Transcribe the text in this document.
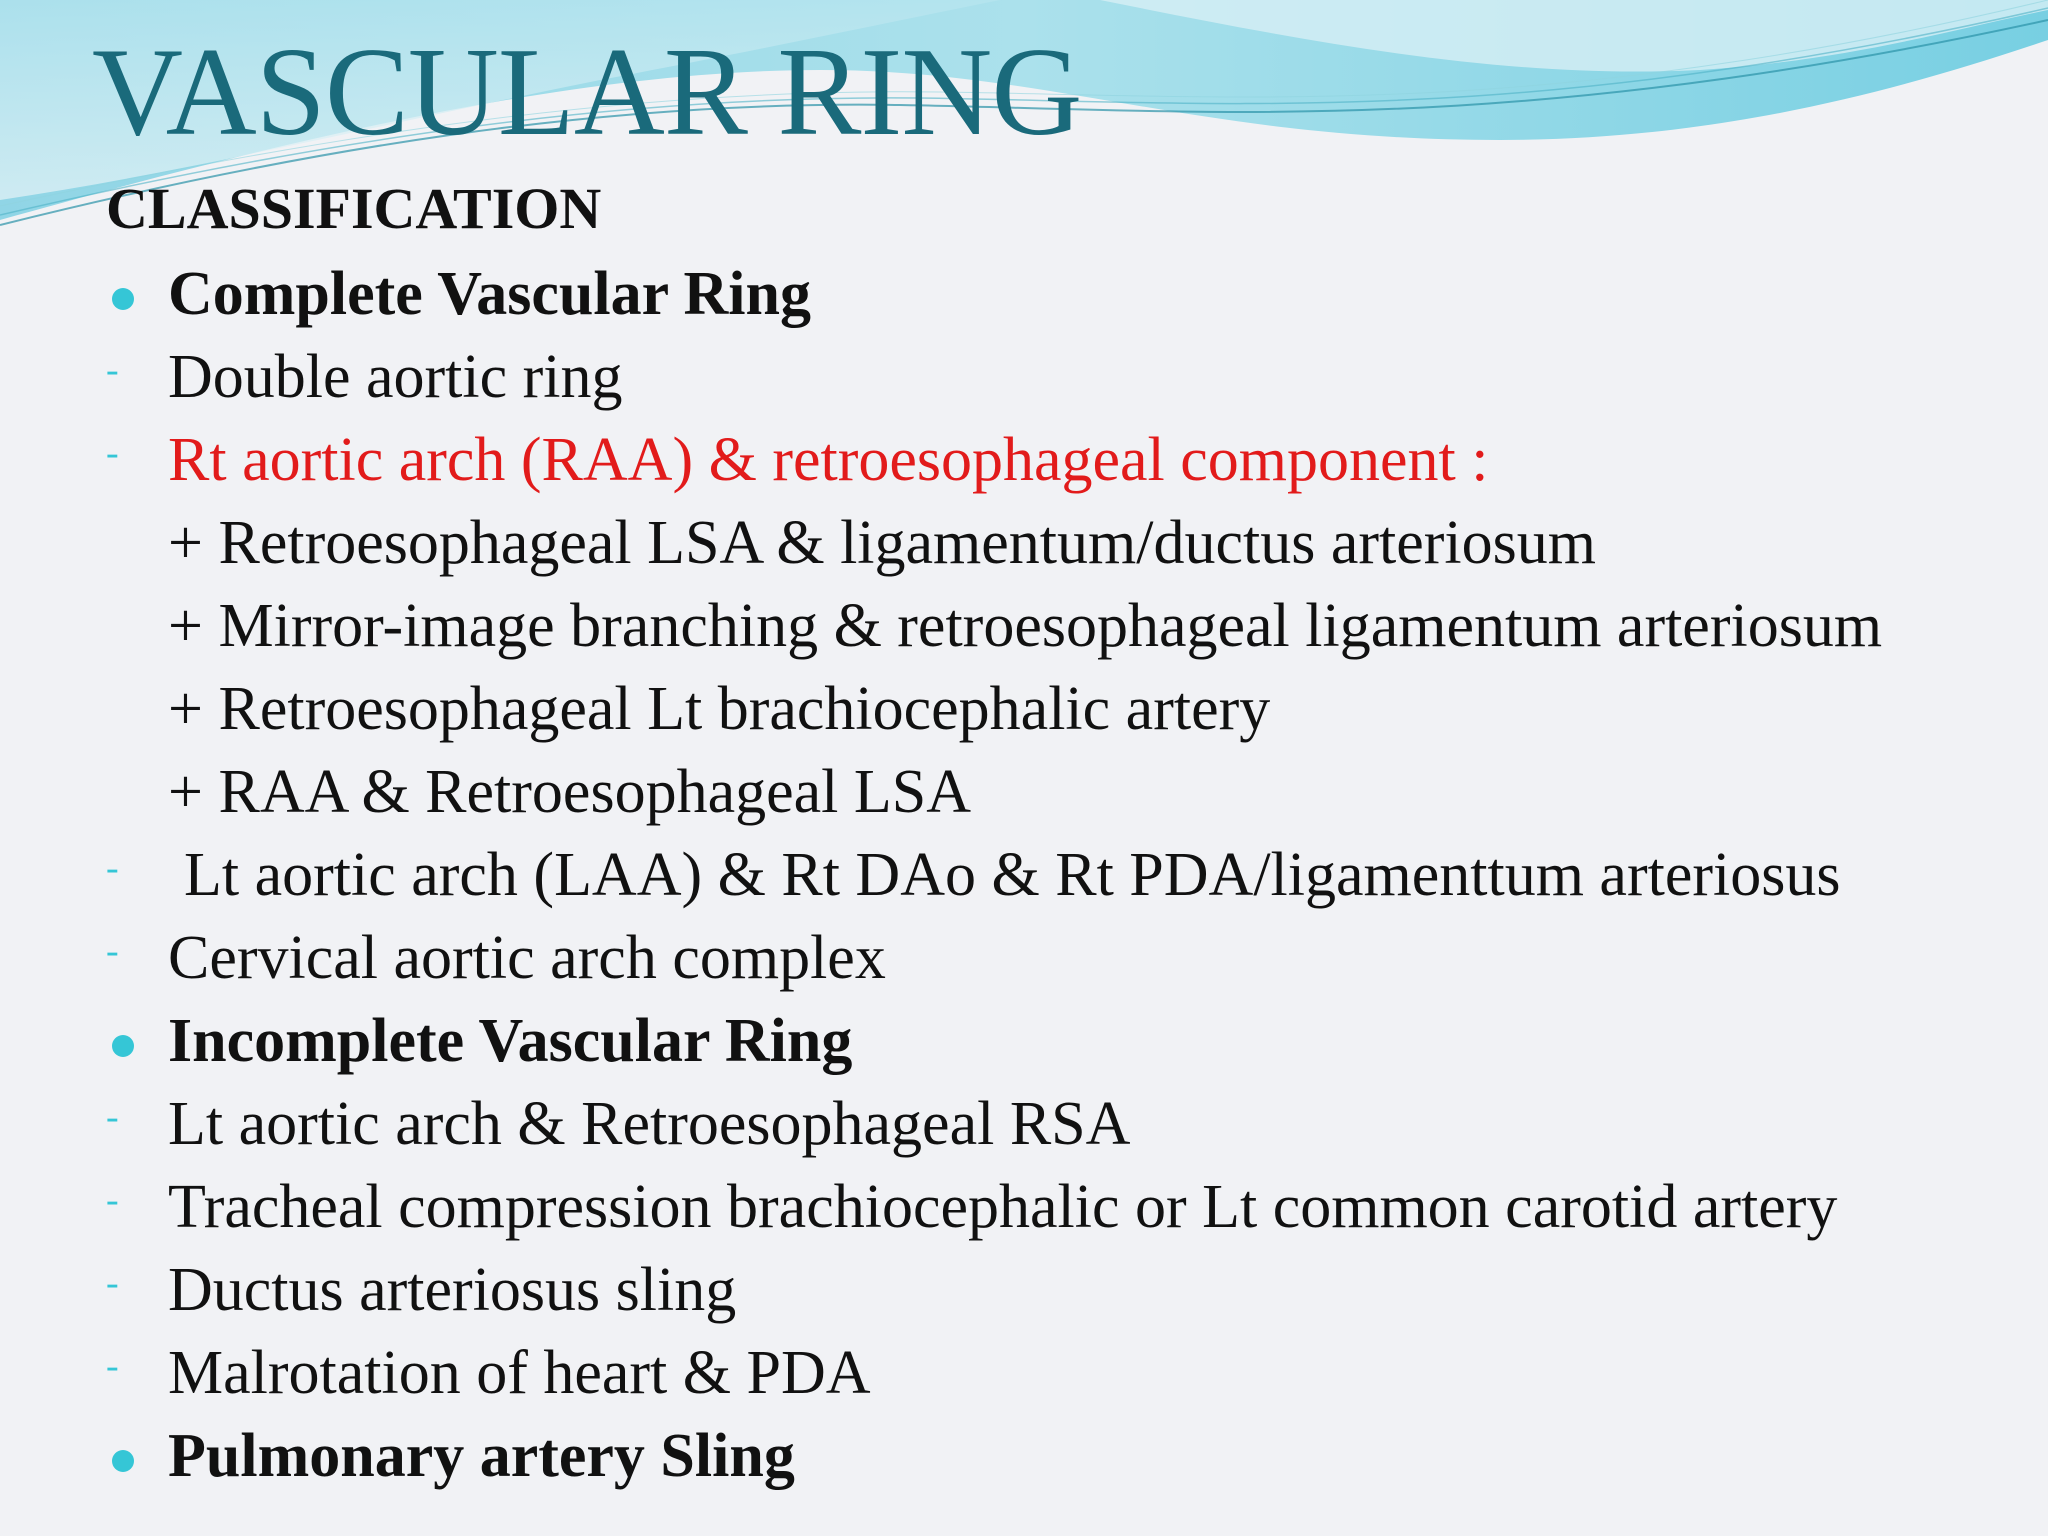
VASCULAR RING
CLASSIFICATION
Complete Vascular Ring
- Double aortic ring
- Rt aortic arch (RAA) & retroesophageal component :
+ Retroesophageal LSA & ligamentum/ductus arteriosum
+ Mirror-image branching & retroesophageal ligamentum arteriosum
+ Retroesophageal Lt brachiocephalic artery
+ RAA & Retroesophageal LSA
- Lt aortic arch (LAA) & Rt DAo & Rt PDA/ligamenttum arteriosus
- Cervical aortic arch complex
Incomplete Vascular Ring
- Lt aortic arch & Retroesophageal RSA
- Tracheal compression brachiocephalic or Lt common carotid artery
- Ductus arteriosus sling
- Malrotation of heart & PDA
Pulmonary artery Sling
